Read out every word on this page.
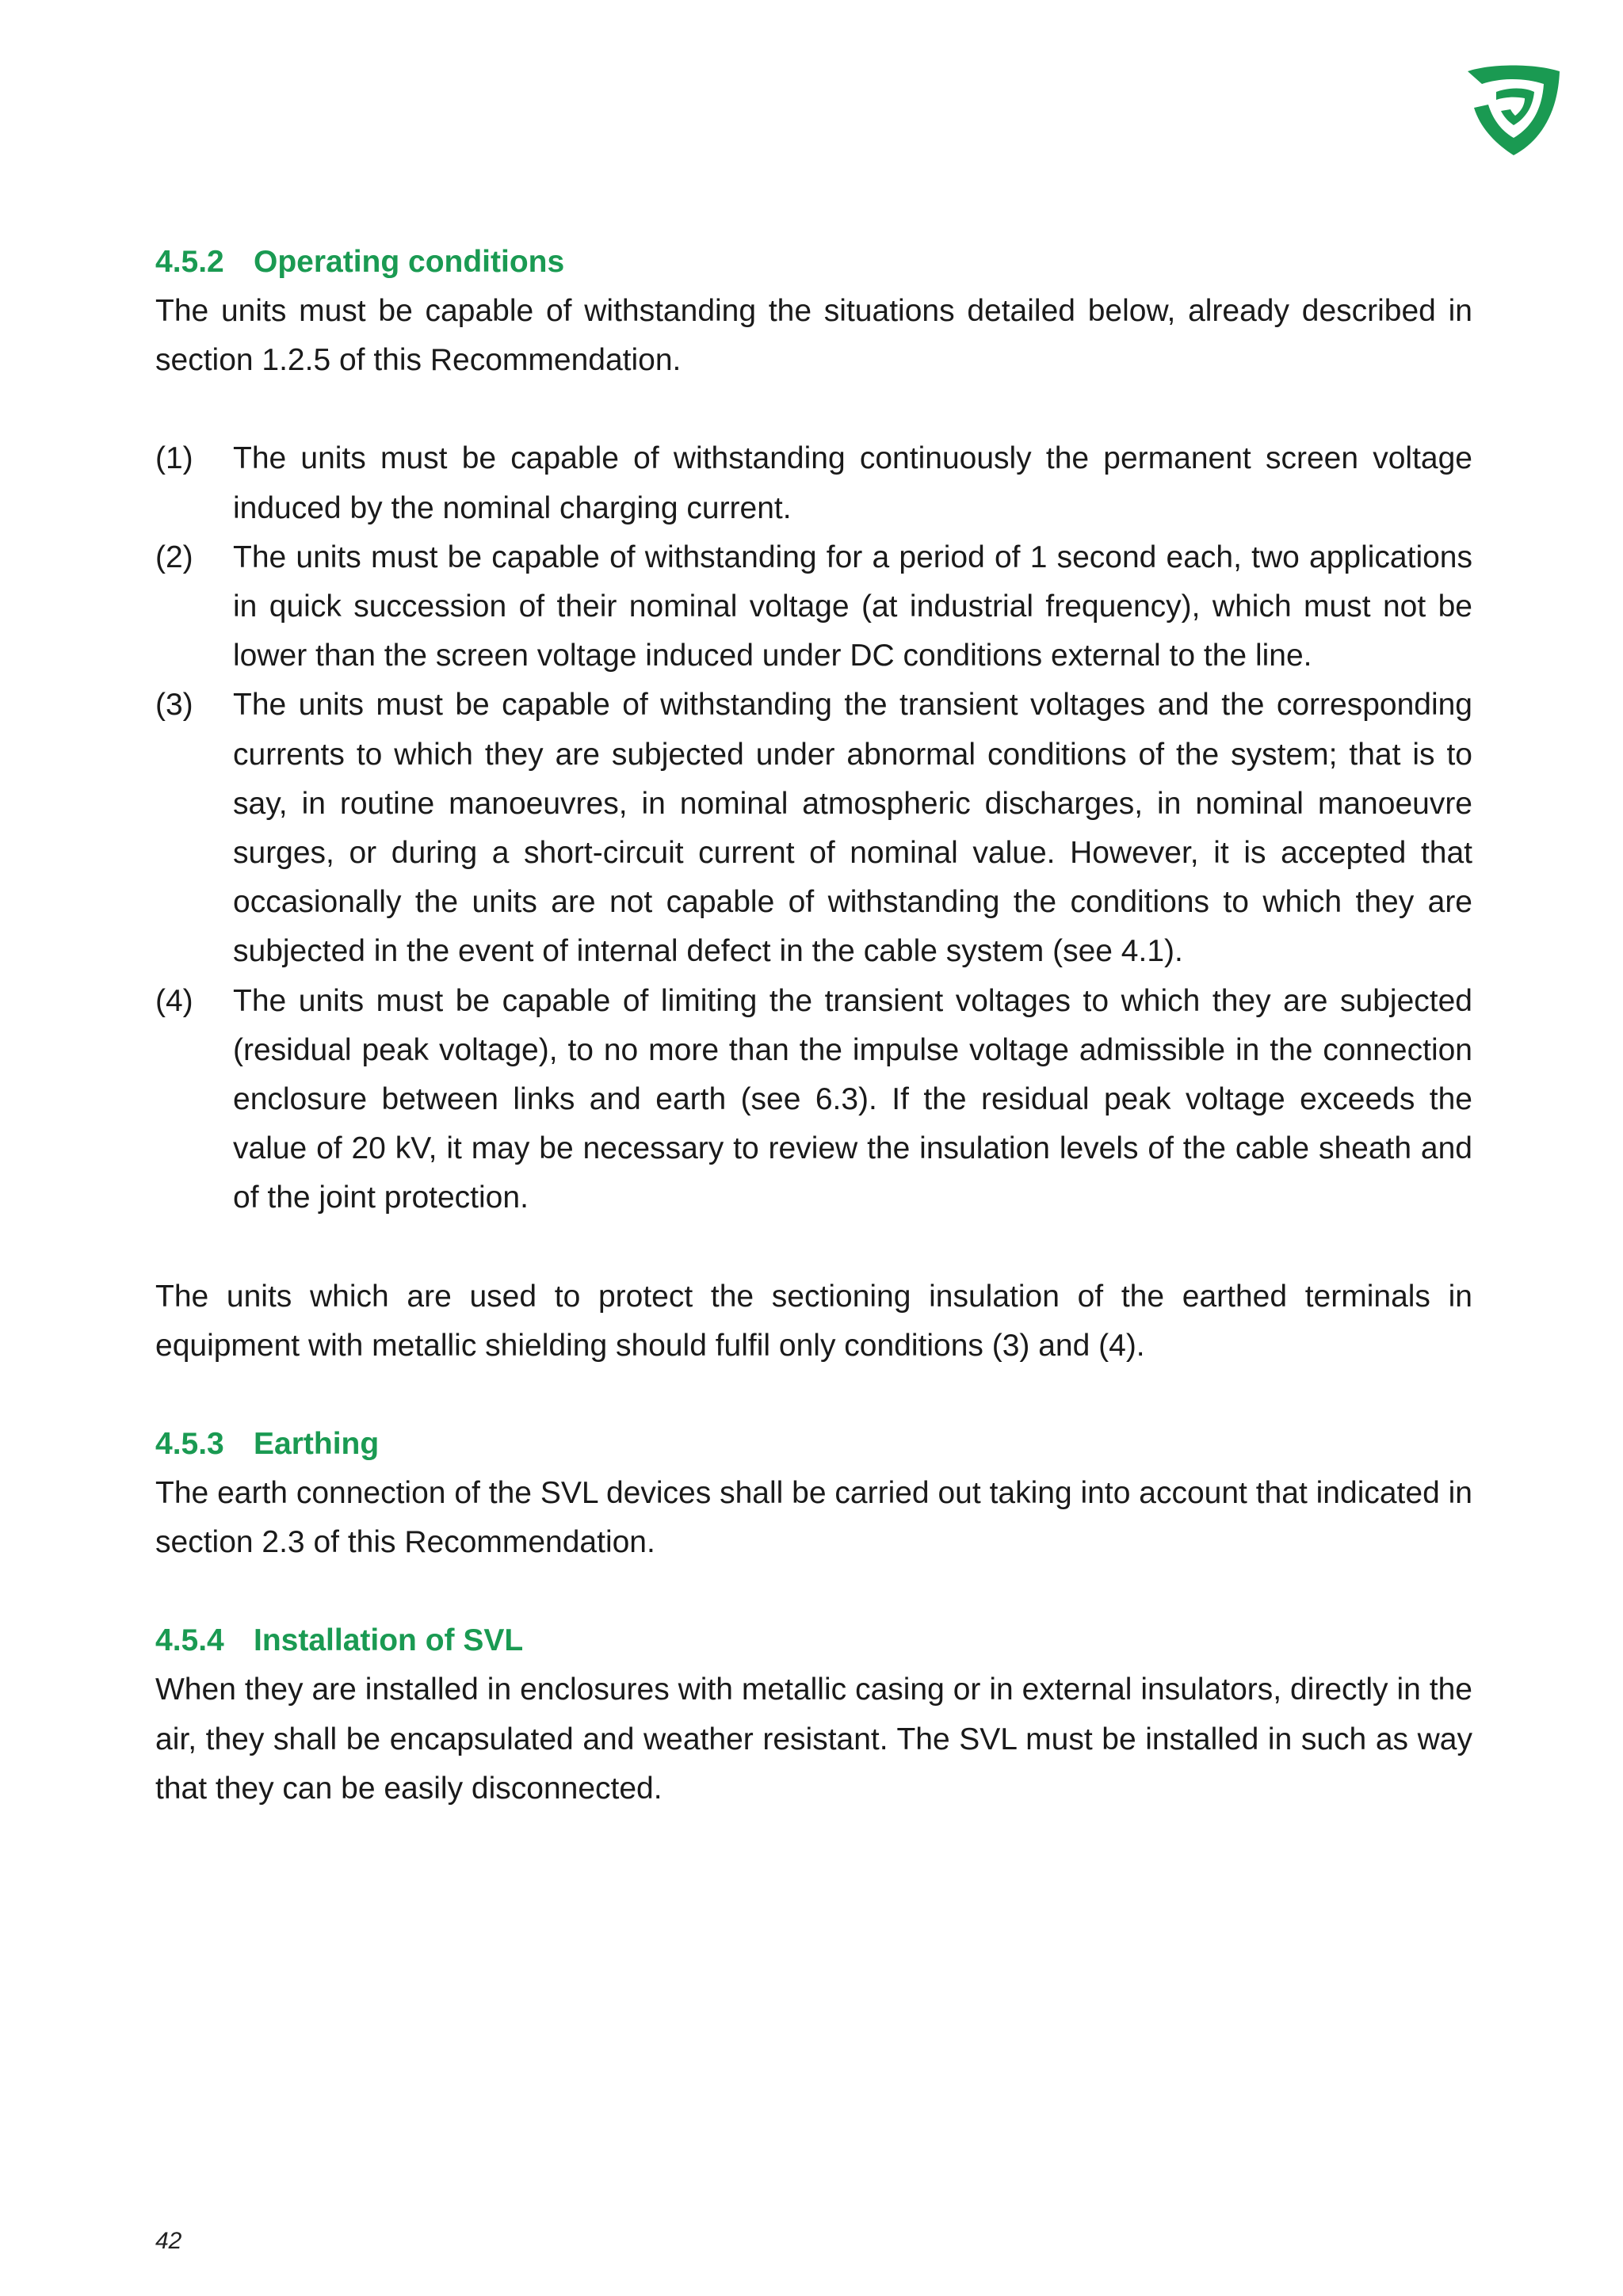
4.5.2 Operating conditions

The units must be capable of withstanding the situations detailed below, already described in section 1.2.5 of this Recommendation.

(1)	The units must be capable of withstanding continuously the permanent screen voltage induced by the nominal charging current.
(2)	The units must be capable of withstanding for a period of 1 second each, two applications in quick succession of their nominal voltage (at industrial frequency), which must not be lower than the screen voltage induced under DC conditions external to the line.
(3)	The units must be capable of withstanding the transient voltages and the corresponding currents to which they are subjected under abnormal conditions of the system; that is to say, in routine manoeuvres, in nominal atmospheric discharges, in nominal manoeuvre surges, or during a short-circuit current of nominal value. However, it is accepted that occasionally the units are not capable of withstanding the conditions to which they are subjected in the event of internal defect in the cable system (see 4.1).
(4)	The units must be capable of limiting the transient voltages to which they are subjected (residual peak voltage), to no more than the impulse voltage admissible in the connection enclosure between links and earth (see 6.3). If the residual peak voltage exceeds the value of 20 kV, it may be necessary to review the insulation levels of the cable sheath and of the joint protection.

The units which are used to protect the sectioning insulation of the earthed terminals in equipment with metallic shielding should fulfil only conditions (3) and (4).

4.5.3 Earthing

The earth connection of the SVL devices shall be carried out taking into account that indicated in section 2.3 of this Recommendation.

4.5.4 Installation of SVL

When they are installed in enclosures with metallic casing or in external insulators, directly in the air, they shall be encapsulated and weather resistant. The SVL must be installed in such as way that they can be easily disconnected.

42
